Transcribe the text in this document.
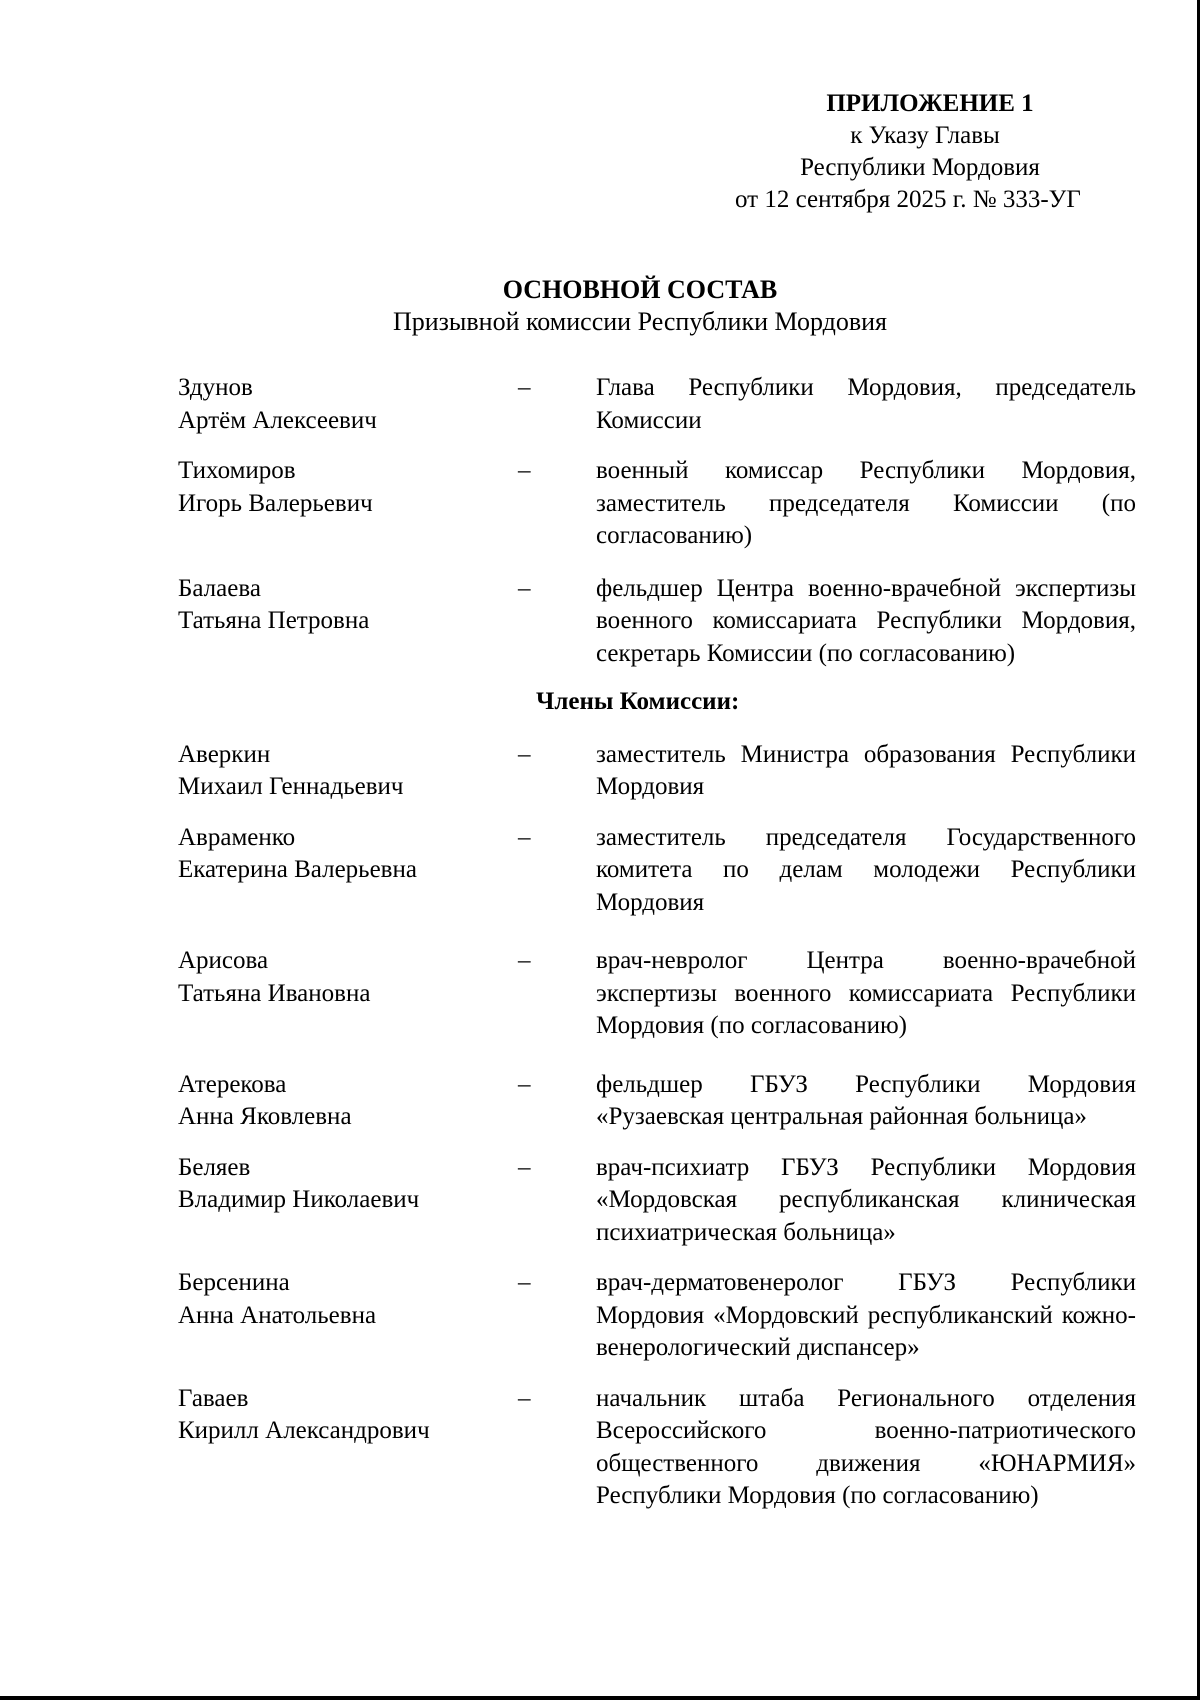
ПРИЛОЖЕНИЕ 1
к Указу Главы
Республики Мордовия
от 12 сентября 2025 г. № 333-УГ
ОСНОВНОЙ СОСТАВ
Призывной комиссии Республики Мордовия
Здунов
Артём Алексеевич
–	Глава Республики Мордовия, председатель Комиссии
Тихомиров
Игорь Валерьевич
–	военный комиссар Республики Мордовия, заместитель председателя Комиссии (по согласованию)
Балаева
Татьяна Петровна
–	фельдшер Центра военно-врачебной экспертизы военного комиссариата Республики Мордовия, секретарь Комиссии (по согласованию)
Члены Комиссии:
Аверкин
Михаил Геннадьевич
–	заместитель Министра образования Республики Мордовия
Авраменко
Екатерина Валерьевна
–	заместитель председателя Государственного комитета по делам молодежи Республики Мордовия
Арисова
Татьяна Ивановна
–	врач-невролог Центра военно-врачебной экспертизы военного комиссариата Республики Мордовия (по согласованию)
Атерекова
Анна Яковлевна
–	фельдшер ГБУЗ Республики Мордовия «Рузаевская центральная районная больница»
Беляев
Владимир Николаевич
–	врач-психиатр ГБУЗ Республики Мордовия «Мордовская республиканская клиническая психиатрическая больница»
Берсенина
Анна Анатольевна
–	врач-дерматовенеролог ГБУЗ Республики Мордовия «Мордовский республиканский кожно-венерологический диспансер»
Гаваев
Кирилл Александрович
–	начальник штаба Регионального отделения Всероссийского военно-патриотического общественного движения «ЮНАРМИЯ» Республики Мордовия (по согласованию)
